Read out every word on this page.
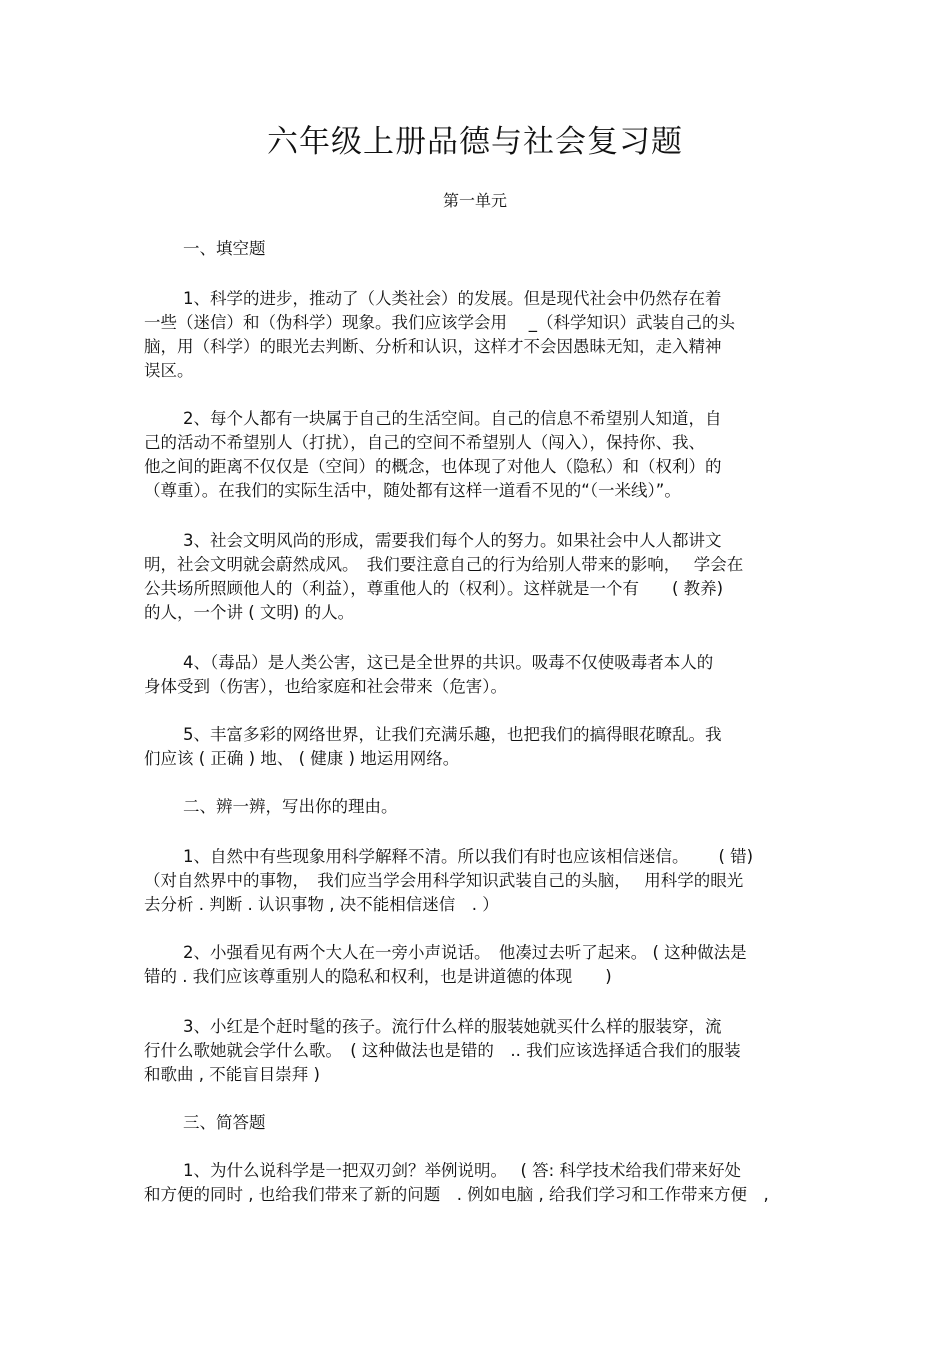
六年级上册品德与社会复习题
第一单元
一、填空题
1、科学的进步，推动了（人类社会）的发展。但是现代社会中仍然存在着
一些（迷信）和（伪科学）现象。我们应该学会用　 _（科学知识）武装自己的头
脑，用（科学）的眼光去判断、分析和认识，这样才不会因愚昧无知，走入精神
误区。
2、每个人都有一块属于自己的生活空间。自己的信息不希望别人知道，自
己的活动不希望别人（打扰），自己的空间不希望别人（闯入），保持你、我、
他之间的距离不仅仅是（空间）的概念，也体现了对他人（隐私）和（权利）的
（尊重）。在我们的实际生活中，随处都有这样一道看不见的“（一米线）”。
3、社会文明风尚的形成，需要我们每个人的努力。如果社会中人人都讲文
明，社会文明就会蔚然成风。　我们要注意自己的行为给别人带来的影响，　 学会在
公共场所照顾他人的（利益），尊重他人的（权利）。这样就是一个有　　( 教养)
的人，一个讲 ( 文明) 的人。
4、（毒品）是人类公害，这已是全世界的共识。吸毒不仅使吸毒者本人的
身体受到（伤害），也给家庭和社会带来（危害）。
5、丰富多彩的网络世界，让我们充满乐趣，也把我们的搞得眼花暸乱。我
们应该 ( 正确 ) 地、 ( 健康 ) 地运用网络。
二、辨一辨，写出你的理由。
1、自然中有些现象用科学解释不清。所以我们有时也应该相信迷信。　　 ( 错)
（对自然界中的事物，　我们应当学会用科学知识武装自己的头脑，　 用科学的眼光
去分析 . 判断 . 认识事物 , 决不能相信迷信　. ）
2、小强看见有两个大人在一旁小声说话。　他凑过去听了起来。 ( 这种做法是
错的 . 我们应该尊重别人的隐私和权利，也是讲道德的体现　　)
3、小红是个赶时髦的孩子。流行什么样的服装她就买什么样的服装穿，流
行什么歌她就会学什么歌。　( 这种做法也是错的　.. 我们应该选择适合我们的服装
和歌曲 , 不能盲目崇拜 )
三、简答题
1、为什么说科学是一把双刃剑？举例说明。　 ( 答: 科学技术给我们带来好处
和方便的同时 , 也给我们带来了新的问题　. 例如电脑 , 给我们学习和工作带来方便　,
